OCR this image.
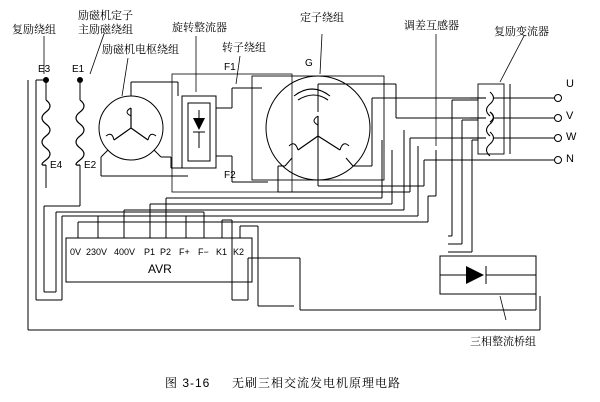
复励绕组
励磁机定子
主励磁绕组
励磁机电枢绕组
旋转整流器
转子绕组
定子绕组
调差互感器	复励变流器
三相整流桥组
E3 E1
E4 E2
F1
F2
G
U
V
W
N
0V 230V 400V P1 P2 F+ F− K1 K2
AVR
图 3-16 无刷三相交流发电机原理电路
